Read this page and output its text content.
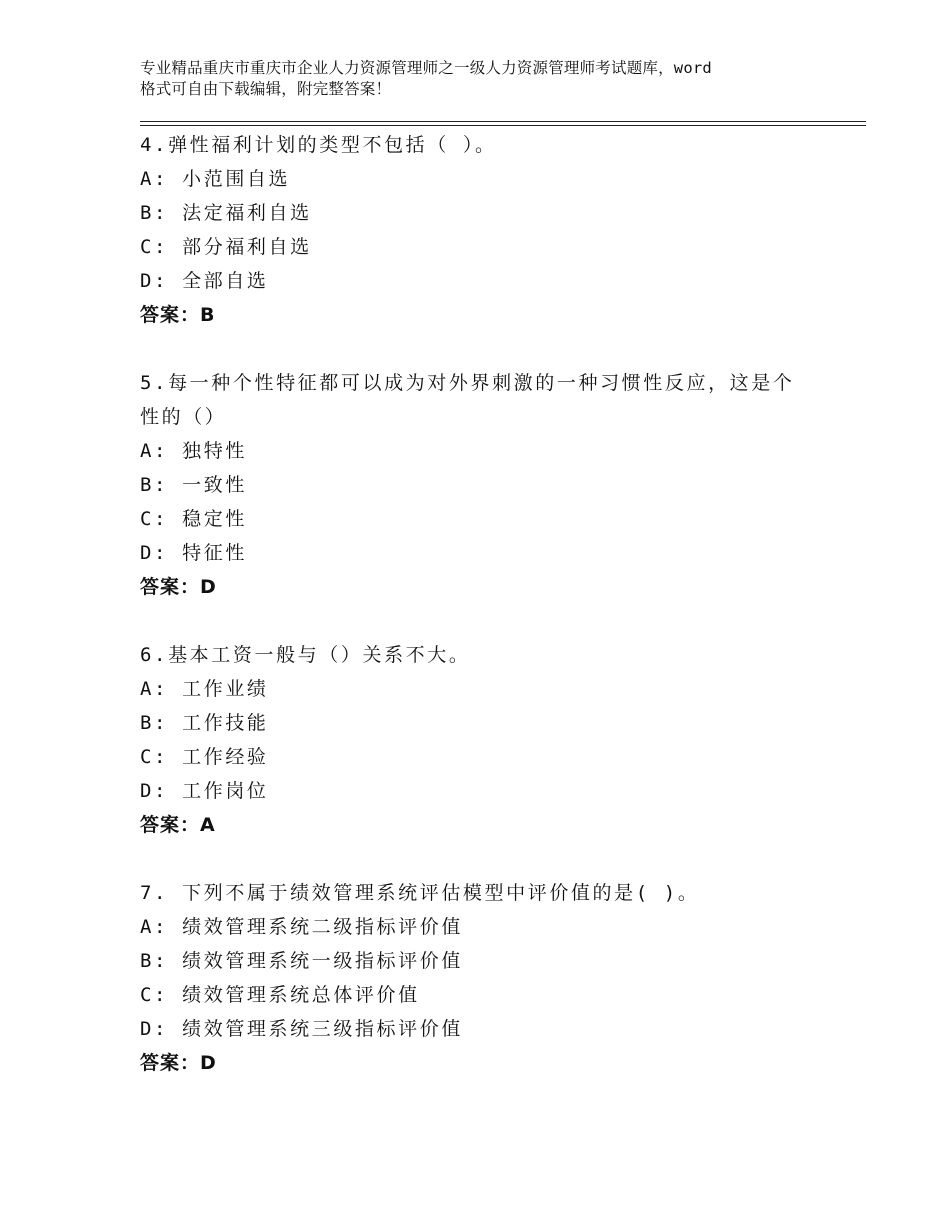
专业精品重庆市重庆市企业人力资源管理师之一级人力资源管理师考试题库，word
格式可自由下载编辑，附完整答案！
4.弹性福利计划的类型不包括（ ）。
A: 小范围自选
B: 法定福利自选
C: 部分福利自选
D: 全部自选
答案：B
5.每一种个性特征都可以成为对外界刺激的一种习惯性反应，这是个
性的（）
A: 独特性
B: 一致性
C: 稳定性
D: 特征性
答案：D
6.基本工资一般与（）关系不大。
A: 工作业绩
B: 工作技能
C: 工作经验
D: 工作岗位
答案：A
7. 下列不属于绩效管理系统评估模型中评价值的是( )。
A: 绩效管理系统二级指标评价值
B: 绩效管理系统一级指标评价值
C: 绩效管理系统总体评价值
D: 绩效管理系统三级指标评价值
答案：D
